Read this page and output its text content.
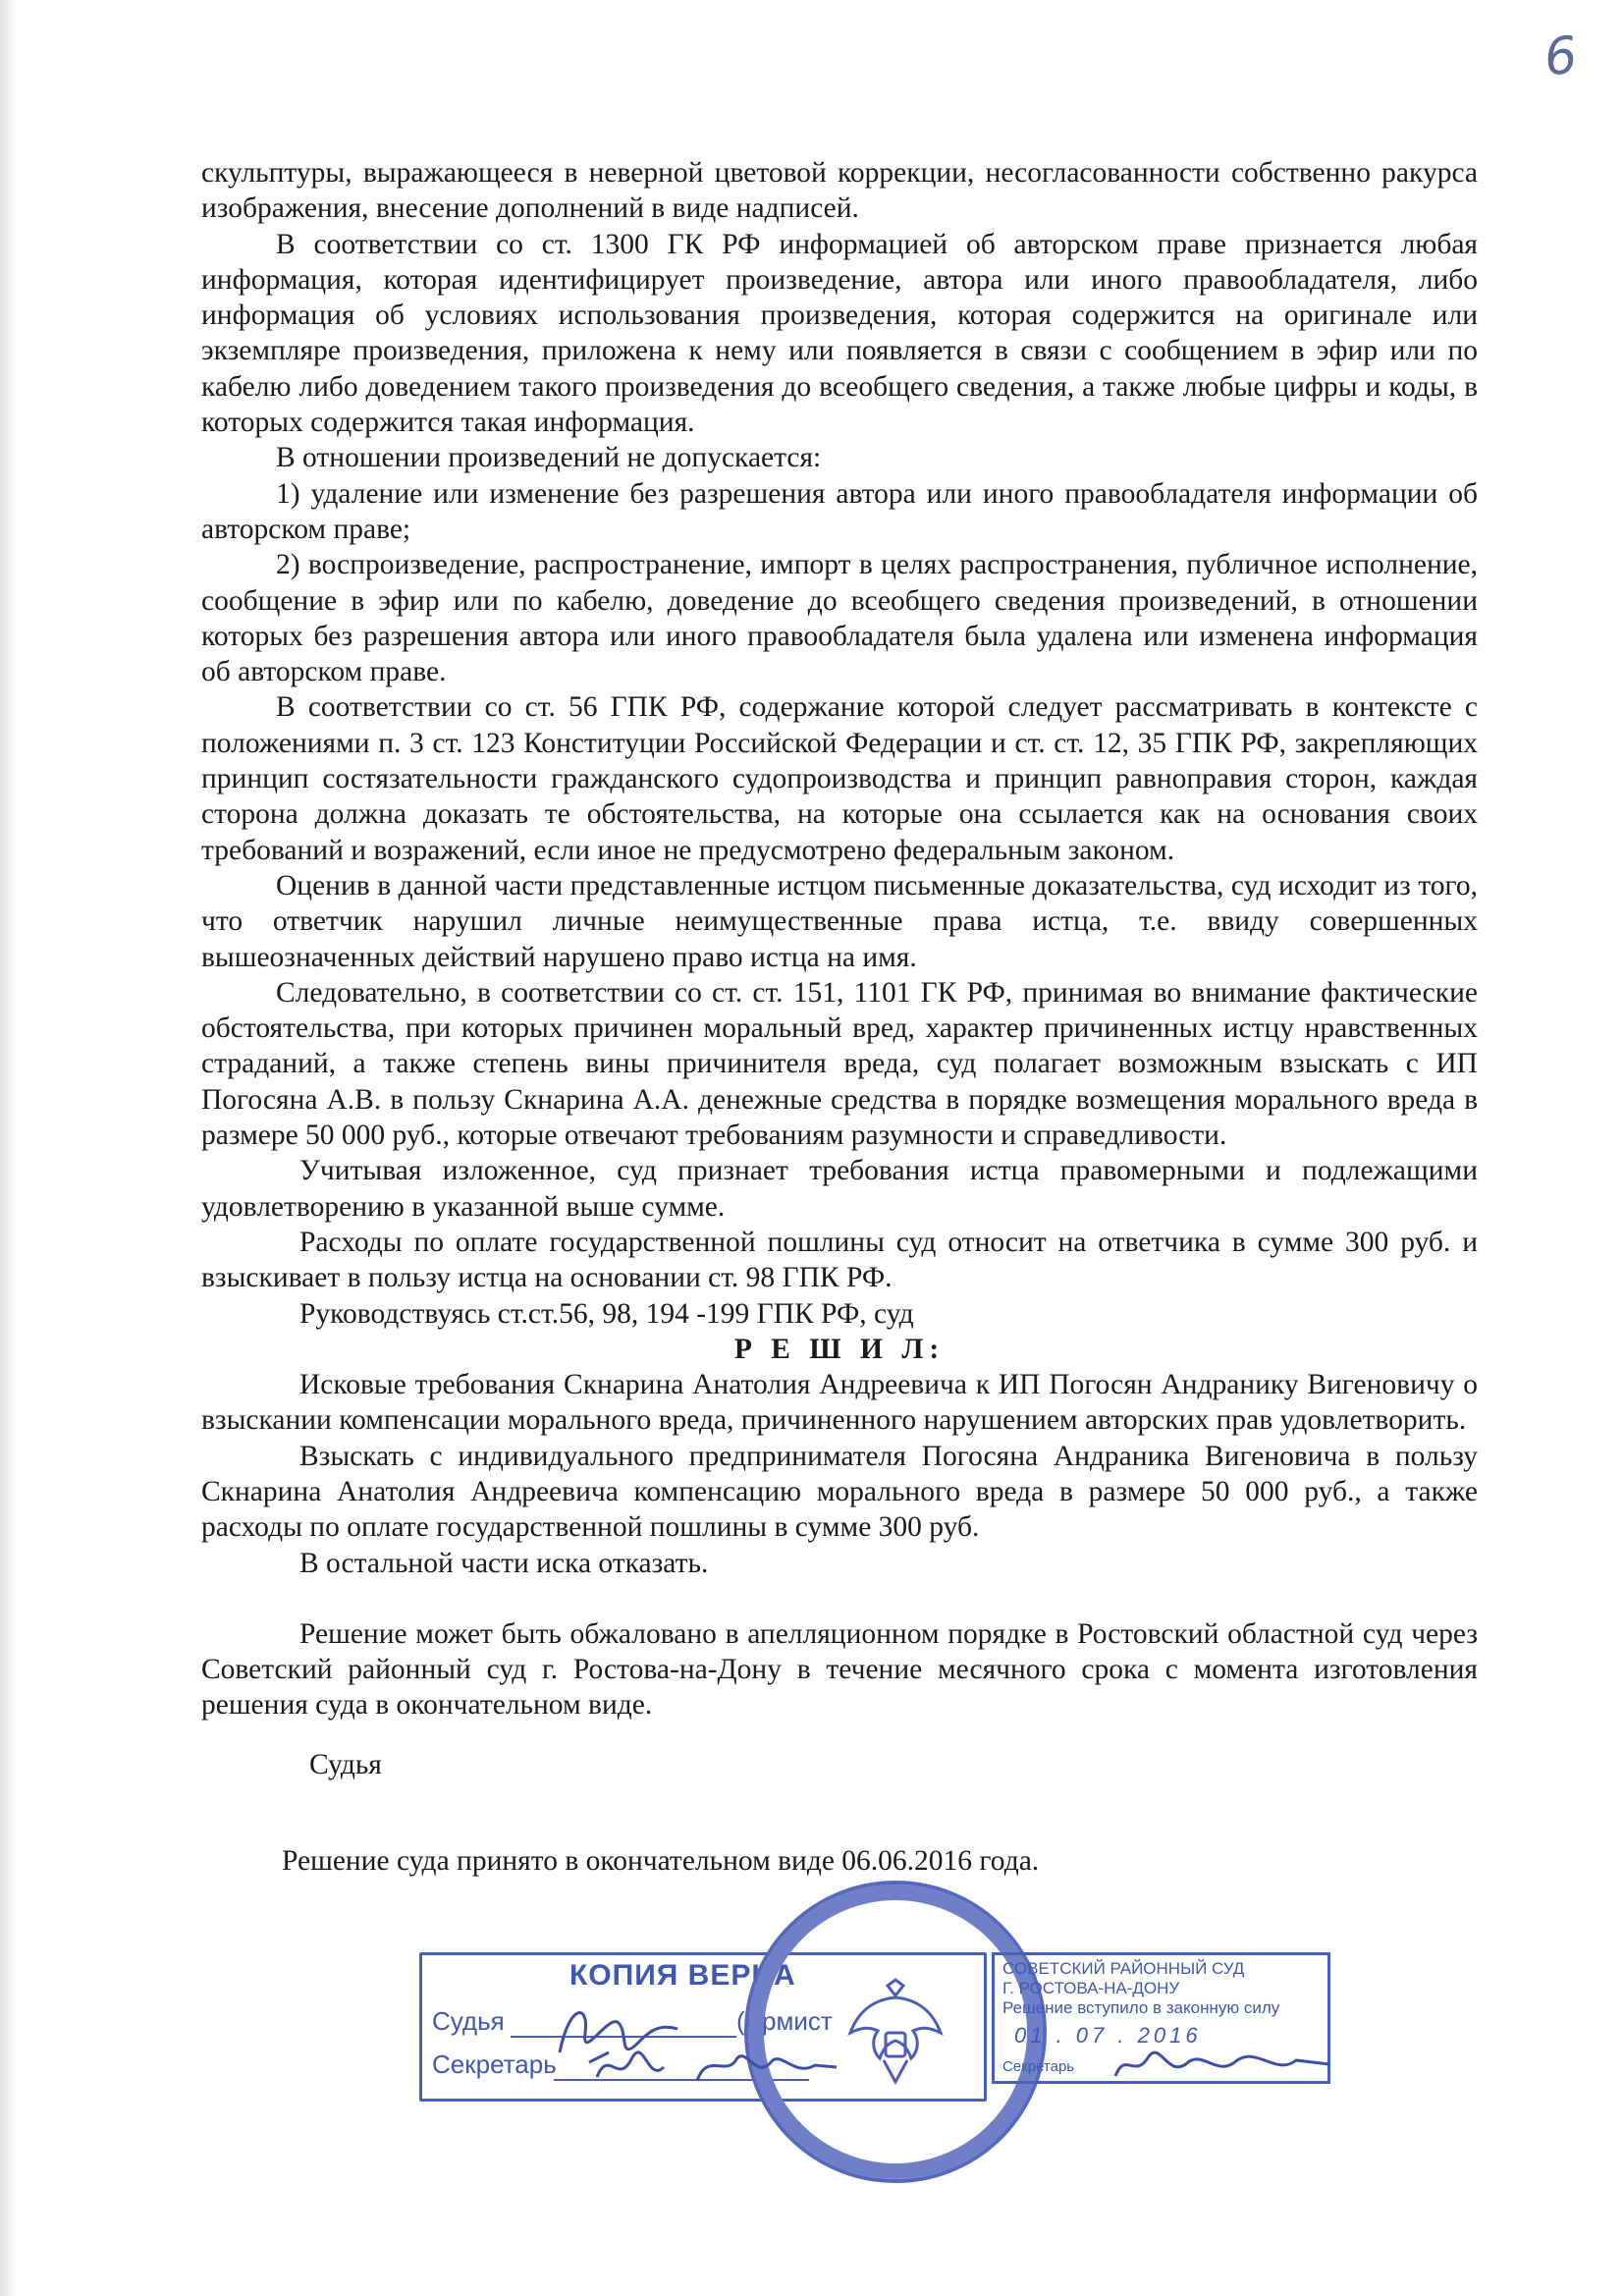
6

скульптуры, выражающееся в неверной цветовой коррекции, несогласованности собственно ракурса изображения, внесение дополнений в виде надписей.

В соответствии со ст. 1300 ГК РФ информацией об авторском праве признается любая информация, которая идентифицирует произведение, автора или иного правообладателя, либо информация об условиях использования произведения, которая содержится на оригинале или экземпляре произведения, приложена к нему или появляется в связи с сообщением в эфир или по кабелю либо доведением такого произведения до всеобщего сведения, а также любые цифры и коды, в которых содержится такая информация.

В отношении произведений не допускается:

1) удаление или изменение без разрешения автора или иного правообладателя информации об авторском праве;

2) воспроизведение, распространение, импорт в целях распространения, публичное исполнение, сообщение в эфир или по кабелю, доведение до всеобщего сведения произведений, в отношении которых без разрешения автора или иного правообладателя была удалена или изменена информация об авторском праве.

В соответствии со ст. 56 ГПК РФ, содержание которой следует рассматривать в контексте с положениями п. 3 ст. 123 Конституции Российской Федерации и ст. ст. 12, 35 ГПК РФ, закрепляющих принцип состязательности гражданского судопроизводства и принцип равноправия сторон, каждая сторона должна доказать те обстоятельства, на которые она ссылается как на основания своих требований и возражений, если иное не предусмотрено федеральным законом.

Оценив в данной части представленные истцом письменные доказательства, суд исходит из того, что ответчик нарушил личные неимущественные права истца, т.е. ввиду совершенных вышеозначенных действий нарушено право истца на имя.

Следовательно, в соответствии со ст. ст. 151, 1101 ГК РФ, принимая во внимание фактические обстоятельства, при которых причинен моральный вред, характер причиненных истцу нравственных страданий, а также степень вины причинителя вреда, суд полагает возможным взыскать с ИП Погосяна А.В. в пользу Скнарина А.А. денежные средства в порядке возмещения морального вреда в размере 50 000 руб., которые отвечают требованиям разумности и справедливости.

Учитывая изложенное, суд признает требования истца правомерными и подлежащими удовлетворению в указанной выше сумме.

Расходы по оплате государственной пошлины суд относит на ответчика в сумме 300 руб. и взыскивает в пользу истца на основании ст. 98 ГПК РФ.

Руководствуясь ст.ст.56, 98, 194 -199 ГПК РФ, суд

Р Е Ш И Л:

Исковые требования Скнарина Анатолия Андреевича к ИП Погосян Андранику Вигеновичу о взыскании компенсации морального вреда, причиненного нарушением авторских прав удовлетворить.

Взыскать с индивидуального предпринимателя Погосяна Андраника Вигеновича в пользу Скнарина Анатолия Андреевича компенсацию морального вреда в размере 50 000 руб., а также расходы по оплате государственной пошлины в сумме 300 руб.

В остальной части иска отказать.

Решение может быть обжаловано в апелляционном порядке в Ростовский областной суд через Советский районный суд г. Ростова-на-Дону в течение месячного срока с момента изготовления решения суда в окончательном виде.

Судья

Решение суда принято в окончательном виде 06.06.2016 года.

КОПИЯ ВЕРНА
Судья	(Армист
Секретарь
СОВЕТСКИЙ РАЙОННЫЙ СУД
Г. РОСТОВА-НА-ДОНУ
Решение вступило в законную силу
01 . 07 . 2016
Секретарь
